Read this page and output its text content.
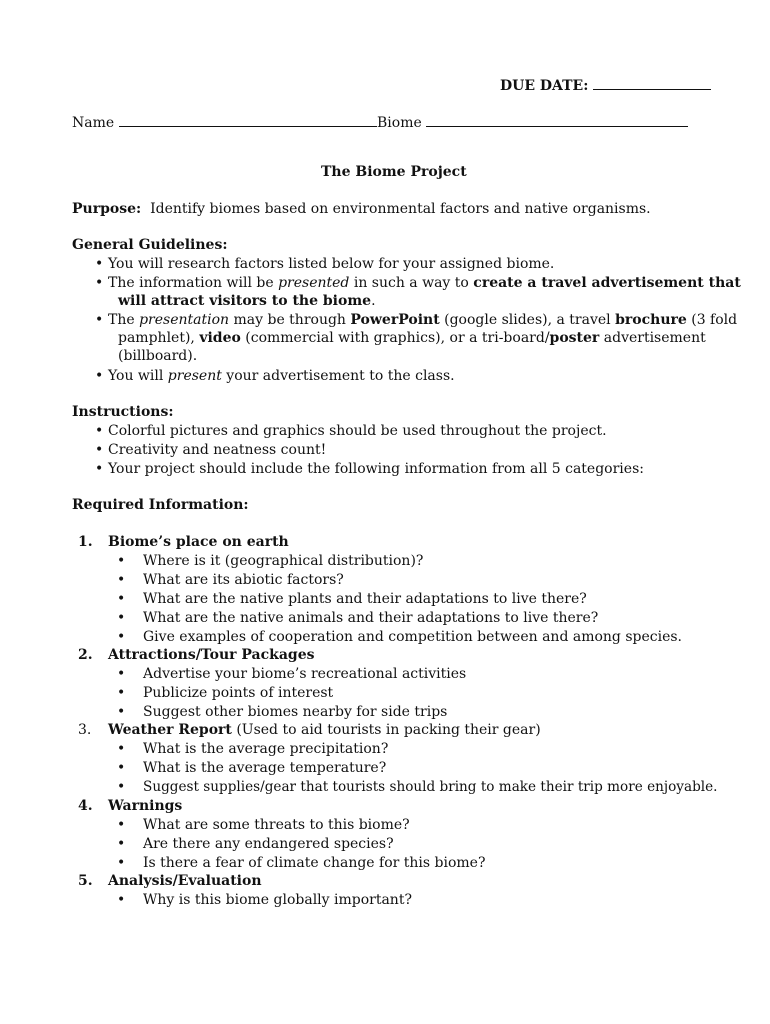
DUE DATE:
Name	Biome
The Biome Project
Purpose: Identify biomes based on environmental factors and native organisms.
General Guidelines:
• You will research factors listed below for your assigned biome.
• The information will be presented in such a way to create a travel advertisement that
will attract visitors to the biome.
• The presentation may be through PowerPoint (google slides), a travel brochure (3 fold
pamphlet), video (commercial with graphics), or a tri-board/poster advertisement
(billboard).
• You will present your advertisement to the class.
Instructions:
• Colorful pictures and graphics should be used throughout the project.
• Creativity and neatness count!
• Your project should include the following information from all 5 categories:
Required Information:
1. Biome’s place on earth
• Where is it (geographical distribution)?
• What are its abiotic factors?
• What are the native plants and their adaptations to live there?
• What are the native animals and their adaptations to live there?
• Give examples of cooperation and competition between and among species.
2. Attractions/Tour Packages
• Advertise your biome’s recreational activities
• Publicize points of interest
• Suggest other biomes nearby for side trips
3. Weather Report (Used to aid tourists in packing their gear)
• What is the average precipitation?
• What is the average temperature?
• Suggest supplies/gear that tourists should bring to make their trip more enjoyable.
4. Warnings
• What are some threats to this biome?
• Are there any endangered species?
• Is there a fear of climate change for this biome?
5. Analysis/Evaluation
• Why is this biome globally important?
